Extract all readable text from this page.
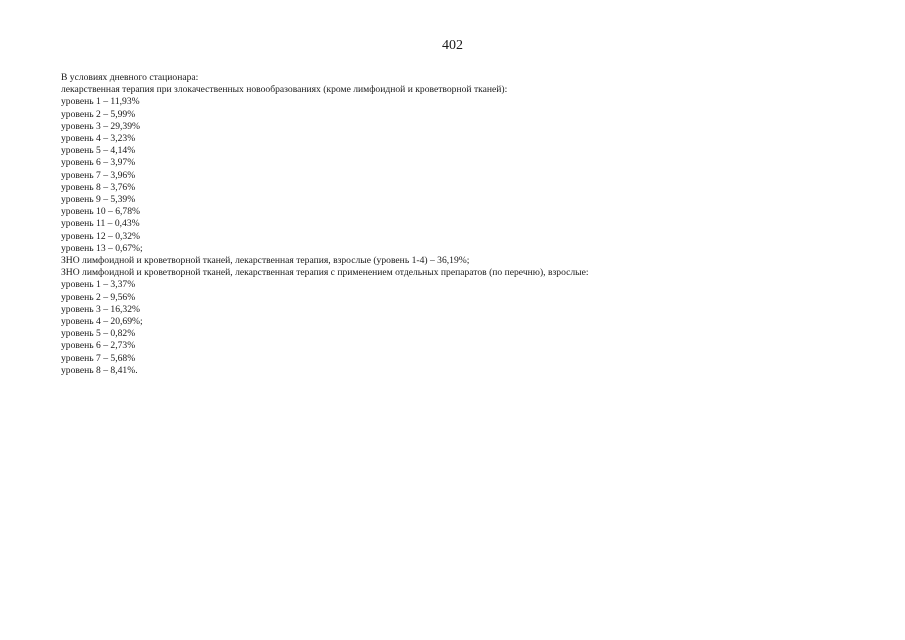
402
В условиях дневного стационара:
лекарственная терапия при злокачественных новообразованиях (кроме лимфоидной и кроветворной тканей):
уровень 1 – 11,93%
уровень 2 – 5,99%
уровень 3 – 29,39%
уровень 4 – 3,23%
уровень 5 – 4,14%
уровень 6 – 3,97%
уровень 7 – 3,96%
уровень 8 – 3,76%
уровень 9 – 5,39%
уровень 10 – 6,78%
уровень 11 – 0,43%
уровень 12 – 0,32%
уровень 13 – 0,67%;
ЗНО лимфоидной и кроветворной тканей, лекарственная терапия, взрослые (уровень 1-4) – 36,19%;
ЗНО лимфоидной и кроветворной тканей, лекарственная терапия с применением отдельных препаратов (по перечню), взрослые:
уровень 1 – 3,37%
уровень 2 – 9,56%
уровень 3 – 16,32%
уровень 4 – 20,69%;
уровень 5 – 0,82%
уровень 6 – 2,73%
уровень 7 – 5,68%
уровень 8 – 8,41%.
